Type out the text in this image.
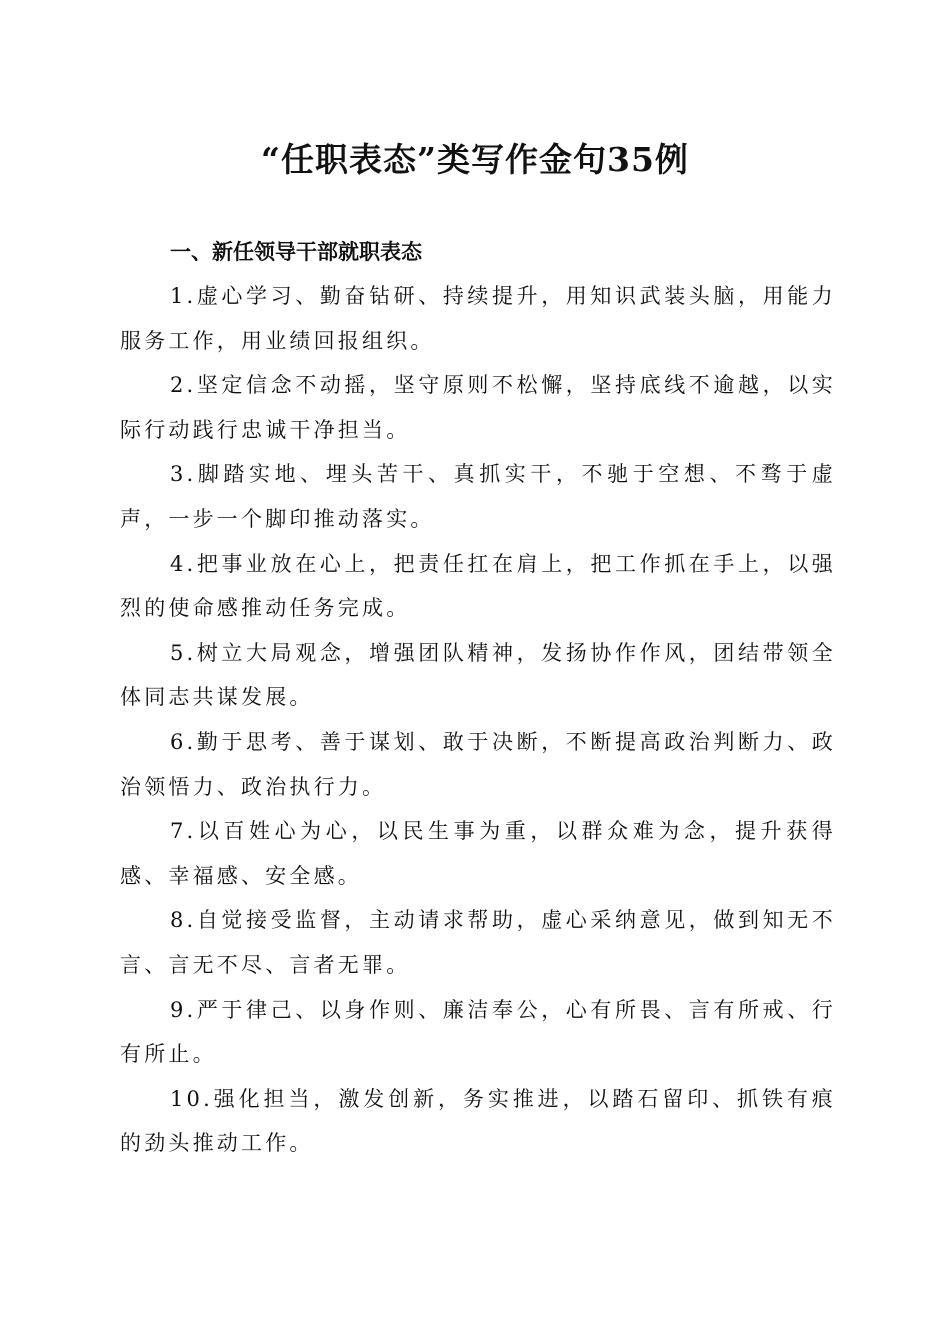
“任职表态”类写作金句35例
一、新任领导干部就职表态

1.虚心学习、勤奋钻研、持续提升，用知识武装头脑，用能力服务工作，用业绩回报组织。

2.坚定信念不动摇，坚守原则不松懈，坚持底线不逾越，以实际行动践行忠诚干净担当。

3.脚踏实地、埋头苦干、真抓实干，不驰于空想、不骛于虚声，一步一个脚印推动落实。

4.把事业放在心上，把责任扛在肩上，把工作抓在手上，以强烈的使命感推动任务完成。

5.树立大局观念，增强团队精神，发扬协作作风，团结带领全体同志共谋发展。

6.勤于思考、善于谋划、敢于决断，不断提高政治判断力、政治领悟力、政治执行力。

7.以百姓心为心，以民生事为重，以群众难为念，提升获得感、幸福感、安全感。

8.自觉接受监督，主动请求帮助，虚心采纳意见，做到知无不言、言无不尽、言者无罪。

9.严于律己、以身作则、廉洁奉公，心有所畏、言有所戒、行有所止。

10.强化担当，激发创新，务实推进，以踏石留印、抓铁有痕的劲头推动工作。
